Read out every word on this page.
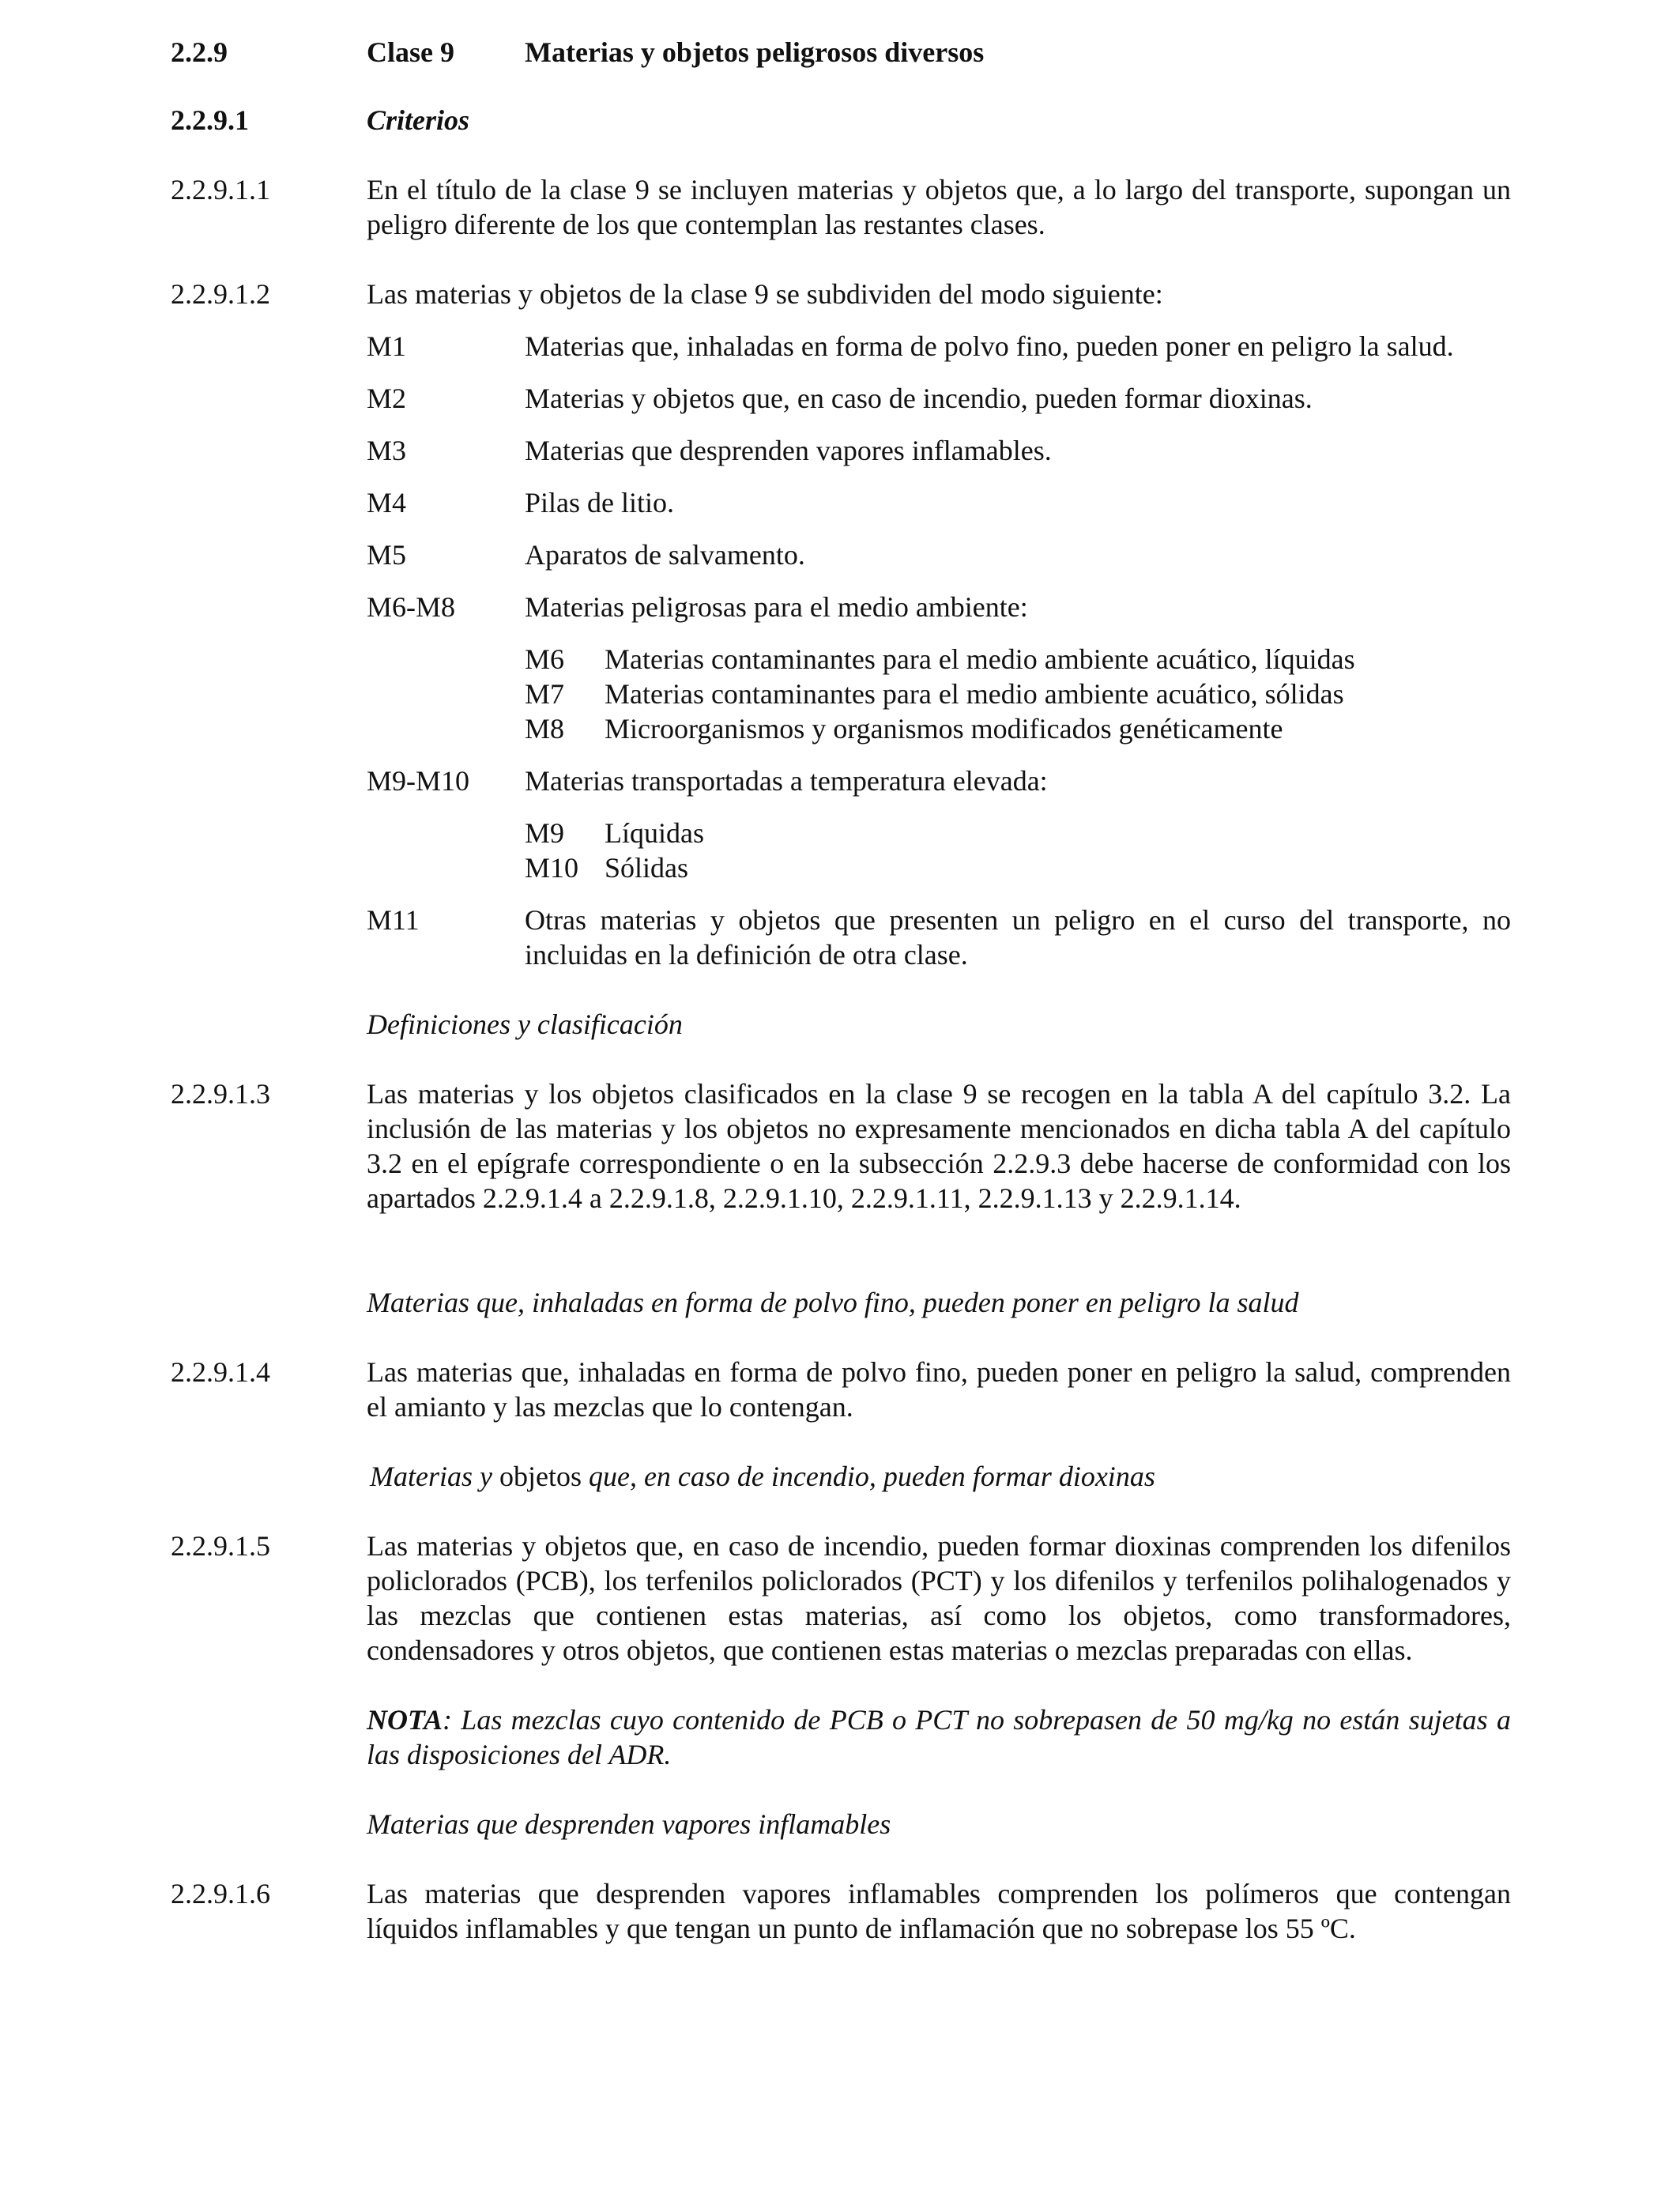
2.2.9	Clase 9 Materias y objetos peligrosos diversos
2.2.9.1	Criterios
2.2.9.1.1	En el título de la clase 9 se incluyen materias y objetos que, a lo largo del transporte, supongan un peligro diferente de los que contemplan las restantes clases.
2.2.9.1.2	Las materias y objetos de la clase 9 se subdividen del modo siguiente:
M1	Materias que, inhaladas en forma de polvo fino, pueden poner en peligro la salud.
M2	Materias y objetos que, en caso de incendio, pueden formar dioxinas.
M3	Materias que desprenden vapores inflamables.
M4	Pilas de litio.
M5	Aparatos de salvamento.
M6-M8 Materias peligrosas para el medio ambiente:
M6 Materias contaminantes para el medio ambiente acuático, líquidas
M7 Materias contaminantes para el medio ambiente acuático, sólidas
M8 Microorganismos y organismos modificados genéticamente
M9-M10 Materias transportadas a temperatura elevada:
M9 Líquidas
M10 Sólidas
M11	Otras materias y objetos que presenten un peligro en el curso del transporte, no incluidas en la definición de otra clase.
Definiciones y clasificación
2.2.9.1.3	Las materias y los objetos clasificados en la clase 9 se recogen en la tabla A del capítulo 3.2. La inclusión de las materias y los objetos no expresamente mencionados en dicha tabla A del capítulo 3.2 en el epígrafe correspondiente o en la subsección 2.2.9.3 debe hacerse de conformidad con los apartados 2.2.9.1.4 a 2.2.9.1.8, 2.2.9.1.10, 2.2.9.1.11, 2.2.9.1.13 y 2.2.9.1.14.
Materias que, inhaladas en forma de polvo fino, pueden poner en peligro la salud
2.2.9.1.4	Las materias que, inhaladas en forma de polvo fino, pueden poner en peligro la salud, comprenden el amianto y las mezclas que lo contengan.
Materias y objetos que, en caso de incendio, pueden formar dioxinas
2.2.9.1.5	Las materias y objetos que, en caso de incendio, pueden formar dioxinas comprenden los difenilos policlorados (PCB), los terfenilos policlorados (PCT) y los difenilos y terfenilos polihalogenados y las mezclas que contienen estas materias, así como los objetos, como transformadores, condensadores y otros objetos, que contienen estas materias o mezclas preparadas con ellas.
NOTA: Las mezclas cuyo contenido de PCB o PCT no sobrepasen de 50 mg/kg no están sujetas a las disposiciones del ADR.
Materias que desprenden vapores inflamables
2.2.9.1.6	Las materias que desprenden vapores inflamables comprenden los polímeros que contengan líquidos inflamables y que tengan un punto de inflamación que no sobrepase los 55 ºC.
